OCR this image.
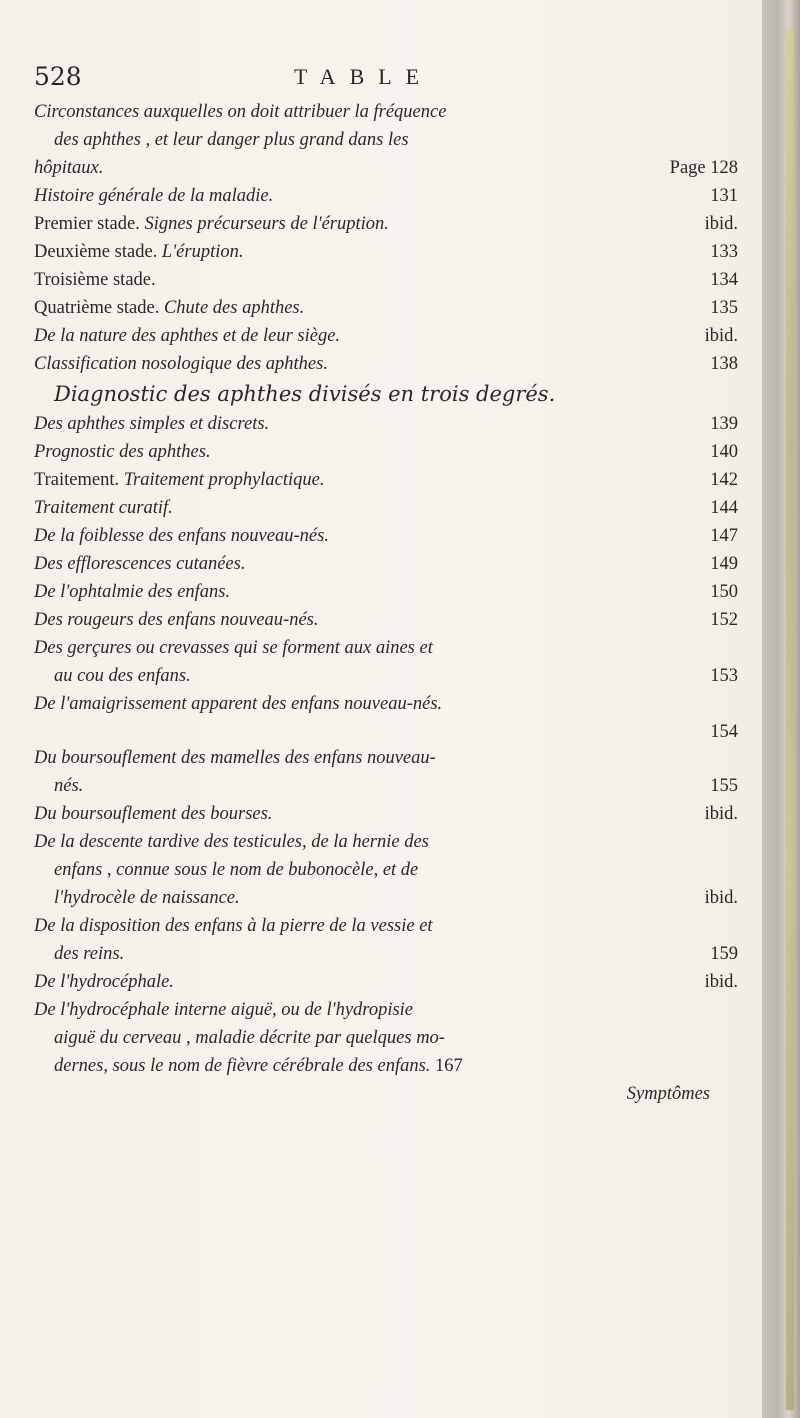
528	TABLE
Circonstances auxquelles on doit attribuer la fréquence
des aphthes , et leur danger plus grand dans les
hôpitaux.	Page 128
Histoire générale de la maladie.	131
Premier stade. Signes précurseurs de l'éruption.	ibid.
Deuxième stade. L'éruption.	133
Troisième stade.	134
Quatrième stade. Chute des aphthes.	135
De la nature des aphthes et de leur siège.	ibid.
Classification nosologique des aphthes.	138
Diagnostic des aphthes divisés en trois degrés.
Des aphthes simples et discrets.	139
Prognostic des aphthes.	140
Traitement. Traitement prophylactique.	142
Traitement curatif.	144
De la foiblesse des enfans nouveau-nés.	147
Des efflorescences cutanées.	149
De l'ophtalmie des enfans.	150
Des rougeurs des enfans nouveau-nés.	152
Des gerçures ou crevasses qui se forment aux aines et
au cou des enfans.	153
De l'amaigrissement apparent des enfans nouveau-nés.
154
Du boursouflement des mamelles des enfans nouveau-
nés.	155
Du boursouflement des bourses.	ibid.
De la descente tardive des testicules, de la hernie des
enfans , connue sous le nom de bubonocèle, et de
l'hydrocèle de naissance.	ibid.
De la disposition des enfans à la pierre de la vessie et
des reins.	159
De l'hydrocéphale.	ibid.
De l'hydrocéphale interne aiguë, ou de l'hydropisie
aiguë du cerveau , maladie décrite par quelques mo-
dernes, sous le nom de fièvre cérébrale des enfans. 167
Symptômes
